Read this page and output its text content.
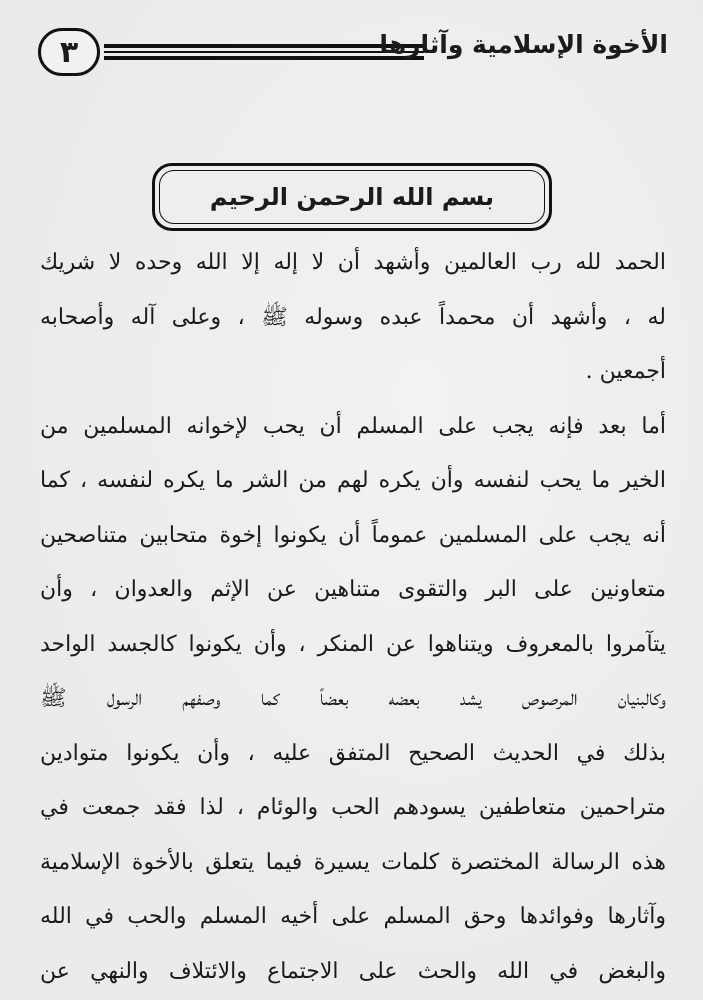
٣	الأخوة الإسلامية وآثارها
بسم الله الرحمن الرحيم
الحمد لله رب العالمين وأشهد أن لا إله إلا الله وحده لا شريك
له ، وأشهد أن محمداً عبده وسوله ﷺ ، وعلى آله وأصحابه
أجمعين .
أما بعد فإنه يجب على المسلم أن يحب لإخوانه المسلمين من
الخير ما يحب لنفسه وأن يكره لهم من الشر ما يكره لنفسه ، كما
أنه يجب على المسلمين عموماً أن يكونوا إخوة متحابين متناصحين
متعاونين على البر والتقوى متناهين عن الإثم والعدوان ، وأن
يتآمروا بالمعروف ويتناهوا عن المنكر ، وأن يكونوا كالجسد الواحد
وكالبنيان المرصوص يشد بعضه بعضاً كما وصفهم الرسول ﷺ
بذلك في الحديث الصحيح المتفق عليه ، وأن يكونوا متوادين
متراحمين متعاطفين يسودهم الحب والوئام ، لذا فقد جمعت في
هذه الرسالة المختصرة كلمات يسيرة فيما يتعلق بالأخوة الإسلامية
وآثارها وفوائدها وحق المسلم على أخيه المسلم والحب في الله
والبغض في الله والحث على الاجتماع والائتلاف والنهي عن
